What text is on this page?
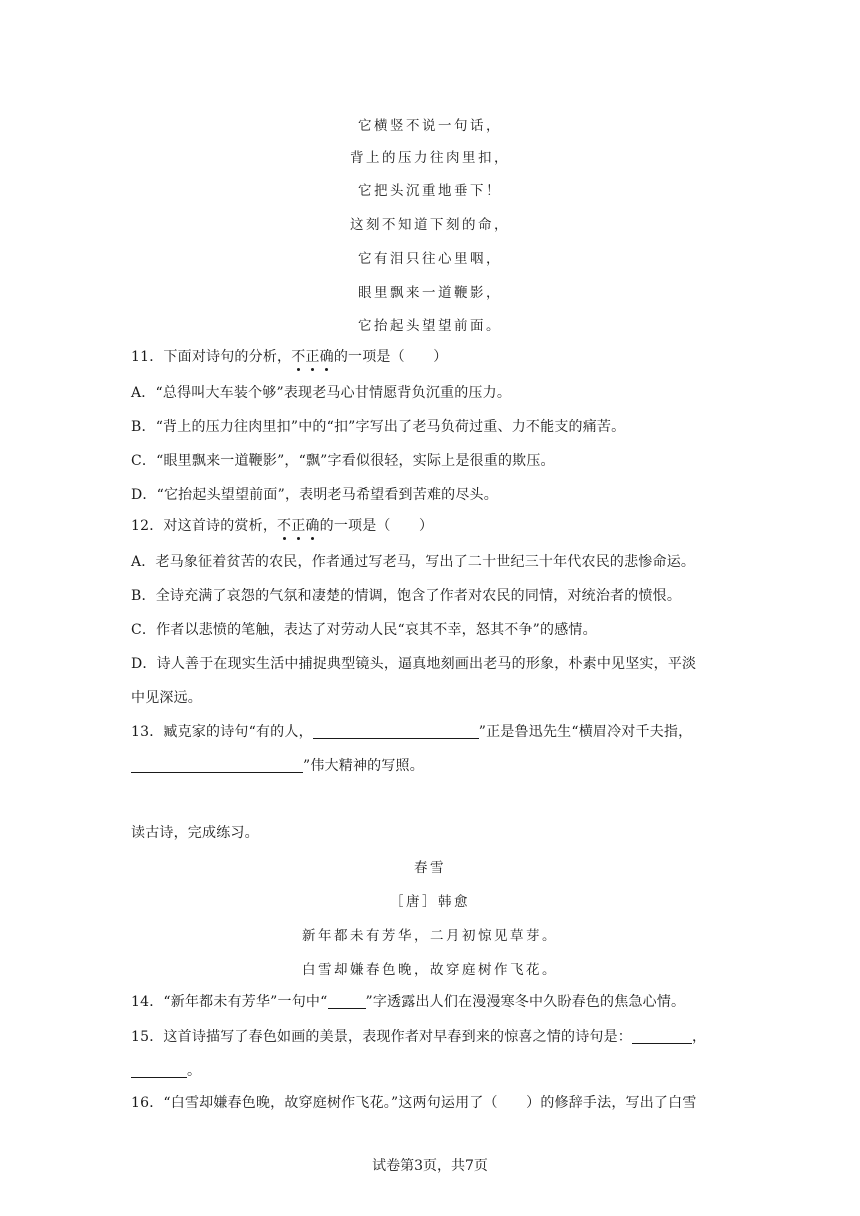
它横竖不说一句话，
背上的压力往肉里扣，
它把头沉重地垂下！
这刻不知道下刻的命，
它有泪只往心里咽，
眼里飘来一道鞭影，
它抬起头望望前面。
11．下面对诗句的分析，不正确的一项是（　　）
A．“总得叫大车装个够”表现老马心甘情愿背负沉重的压力。
B．“背上的压力往肉里扣”中的“扣”字写出了老马负荷过重、力不能支的痛苦。
C．“眼里飘来一道鞭影”，“飘”字看似很轻，实际上是很重的欺压。
D．“它抬起头望望前面”，表明老马希望看到苦难的尽头。
12．对这首诗的赏析，不正确的一项是（　　）
A．老马象征着贫苦的农民，作者通过写老马，写出了二十世纪三十年代农民的悲惨命运。
B．全诗充满了哀怨的气氛和凄楚的情调，饱含了作者对农民的同情，对统治者的愤恨。
C．作者以悲愤的笔触，表达了对劳动人民“哀其不幸，怒其不争”的感情。
D．诗人善于在现实生活中捕捉典型镜头，逼真地刻画出老马的形象，朴素中见坚实，平淡
中见深远。
13．臧克家的诗句“有的人，	”正是鲁迅先生“横眉冷对千夫指，
”伟大精神的写照。
读古诗，完成练习。
春雪
［唐］韩愈
新年都未有芳华，二月初惊见草芽。
白雪却嫌春色晚，故穿庭树作飞花。
14．“新年都未有芳华”一句中“	”字透露出人们在漫漫寒冬中久盼春色的焦急心情。
15．这首诗描写了春色如画的美景，表现作者对早春到来的惊喜之情的诗句是：	，
。
16．“白雪却嫌春色晚，故穿庭树作飞花。”这两句运用了（　　）的修辞手法，写出了白雪
试卷第3页，共7页
